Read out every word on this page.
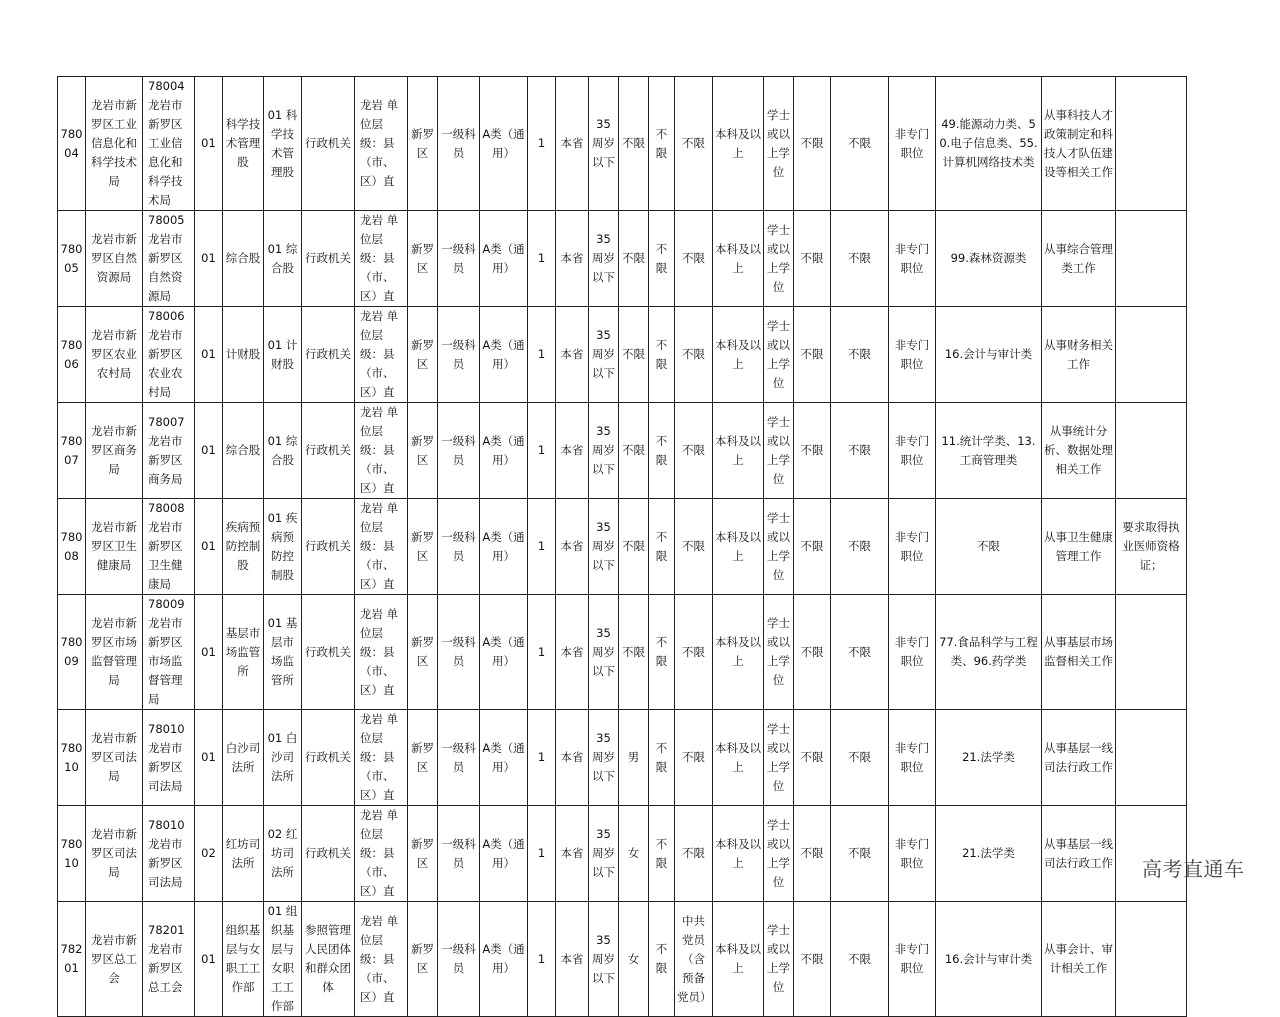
78004	龙岩市新罗区工业信息化和科学技术局	78004 龙岩市新罗区工业信息化和科学技术局	01	科学技术管理股	01 科学技术管理股	行政机关	龙岩 单位层级：县（市、区）直	新罗区	一级科员	A类（通用）	1	本省	35周岁以下	不限	不限	不限	本科及以上	学士或以上学位	不限	不限	非专门职位	49.能源动力类、50.电子信息类、55.计算机网络技术类	从事科技人才政策制定和科技人才队伍建设等相关工作	
78005	龙岩市新罗区自然资源局	78005 龙岩市新罗区自然资源局	01	综合股	01 综合股	行政机关	龙岩 单位层级：县（市、区）直	新罗区	一级科员	A类（通用）	1	本省	35周岁以下	不限	不限	不限	本科及以上	学士或以上学位	不限	不限	非专门职位	99.森林资源类	从事综合管理类工作	
78006	龙岩市新罗区农业农村局	78006 龙岩市新罗区农业农村局	01	计财股	01 计财股	行政机关	龙岩 单位层级：县（市、区）直	新罗区	一级科员	A类（通用）	1	本省	35周岁以下	不限	不限	不限	本科及以上	学士或以上学位	不限	不限	非专门职位	16.会计与审计类	从事财务相关工作	
78007	龙岩市新罗区商务局	78007 龙岩市新罗区商务局	01	综合股	01 综合股	行政机关	龙岩 单位层级：县（市、区）直	新罗区	一级科员	A类（通用）	1	本省	35周岁以下	不限	不限	不限	本科及以上	学士或以上学位	不限	不限	非专门职位	11.统计学类、13.工商管理类	从事统计分析、数据处理相关工作	
78008	龙岩市新罗区卫生健康局	78008 龙岩市新罗区卫生健康局	01	疾病预防控制股	01 疾病预防控制股	行政机关	龙岩 单位层级：县（市、区）直	新罗区	一级科员	A类（通用）	1	本省	35周岁以下	不限	不限	不限	本科及以上	学士或以上学位	不限	不限	非专门职位	不限	从事卫生健康管理工作	要求取得执业医师资格证；
78009	龙岩市新罗区市场监督管理局	78009 龙岩市新罗区市场监督管理局	01	基层市场监管所	01 基层市场监管所	行政机关	龙岩 单位层级：县（市、区）直	新罗区	一级科员	A类（通用）	1	本省	35周岁以下	不限	不限	不限	本科及以上	学士或以上学位	不限	不限	非专门职位	77.食品科学与工程类、96.药学类	从事基层市场监督相关工作	
78010	龙岩市新罗区司法局	78010 龙岩市新罗区司法局	01	白沙司法所	01 白沙司法所	行政机关	龙岩 单位层级：县（市、区）直	新罗区	一级科员	A类（通用）	1	本省	35周岁以下	男	不限	不限	本科及以上	学士或以上学位	不限	不限	非专门职位	21.法学类	从事基层一线司法行政工作	
78010	龙岩市新罗区司法局	78010 龙岩市新罗区司法局	02	红坊司法所	02 红坊司法所	行政机关	龙岩 单位层级：县（市、区）直	新罗区	一级科员	A类（通用）	1	本省	35周岁以下	女	不限	不限	本科及以上	学士或以上学位	不限	不限	非专门职位	21.法学类	从事基层一线司法行政工作	
78201	龙岩市新罗区总工会	78201 龙岩市新罗区总工会	01	组织基层与女职工工作部	01 组织基层与女职工工作部	参照管理人民团体和群众团体	龙岩 单位层级：县（市、区）直	新罗区	一级科员	A类（通用）	1	本省	35周岁以下	女	不限	中共党员（含预备党员）	本科及以上	学士或以上学位	不限	不限	非专门职位	16.会计与审计类	从事会计、审计相关工作	
高考直通车
